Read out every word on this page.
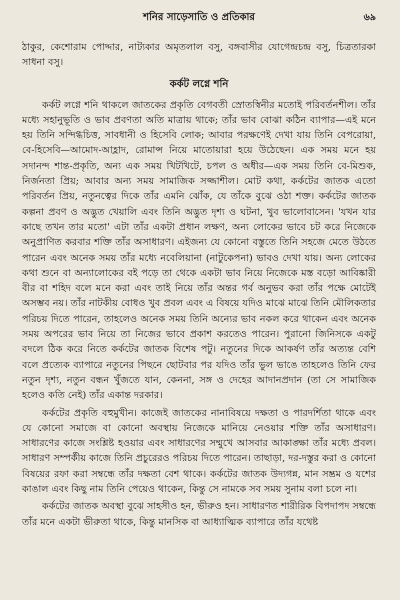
শনির সাড়েসাতি ও প্রতিকার	৬৯

ঠাকুর, কেশোরাম পোদ্দার, নাট্যকার অমৃতলাল বসু, বঙ্গবাসীর যোগেন্দ্রচন্দ্র বসু, চিত্রতারকা সাধনা বসু।

কর্কট লগ্নে শনি

কর্কট লগ্নে শনি থাকলে জাতকের প্রকৃতি বেগবতী স্রোতস্বিনীর মতোই পরিবর্তনশীল। তাঁর মধ্যে সহানুভূতি ও ভাব প্রবণতা অতি মাত্রায় থাকে; তাঁর ভাব বোঝা কঠিন ব্যাপার—এই মনে হয় তিনি সন্দিগ্ধচিত্ত, সাবধানী ও হিসেবি লোক; আবার পরক্ষণেই দেখা যায় তিনি বেপরোয়া, বে-হিসেবি—আমোদ-আহ্লাদ, রোমান্স নিয়ে মাতোয়ারা হয়ে উঠেছেন। এক সময় মনে হয় সদানন্দ শান্ত-প্রকৃতি, অন্য এক সময় খিটখিটে, চপল ও অধীর—এক সময় তিনি বে-মিশুক, নির্জনতা প্রিয়; আবার অন্য সময় সামাজিক সজ্জাশীল। মোট কথা, কর্কটের জাতক এতো পরিবর্তন প্রিয়, নতুনত্বের দিকে তাঁর এমনি ঝোঁক, যে তাঁকে বুঝে ওঠা শক্ত। কর্কটের জাতক কল্পনা প্রবণ ও অদ্ভুত খেয়ালি এবং তিনি অদ্ভুত দৃশ্য ও ঘটনা, খুব ভালোবাসেন। 'যখন যার কাছে তখন তার মতো' এটা তাঁর একটা প্রধান লক্ষণ, অন্য লোকের ভাবে চট করে নিজেকে অনুপ্রাণিত করবার শক্তি তাঁর অসাধারণ। এইজন্য যে কোনো বস্তুতে তিনি সহজে মেতে উঠতে পারেন এবং অনেক সময় তাঁর মধ্যে নবেলিয়ানা (নাটুকেপনা) ভাবও দেখা যায়। অন্য লোকের কথা শুনে বা অন্যালোকের বই পড়ে তা থেকে একটা ভাব নিয়ে নিজেকে মস্ত বড়ো আবিষ্কারী বীর বা শহিদ বলে মনে করা এবং তাই নিয়ে তাঁর অন্তর গর্ব অনুভব করা তাঁর পক্ষে মোটেই অসম্ভব নয়। তাঁর নাটকীয় বোধও খুব প্রবল এবং এ বিষয়ে যদিও মাঝে মাঝে তিনি মৌলিকতার পরিচয় দিতে পারেন, তাহলেও অনেক সময় তিনি অন্যের ভাব নকল করে থাকেন এবং অনেক সময় অপরের ভাব নিয়ে তা নিজের ভাবে প্রকাশ করতেও পারেন। পুরানো জিনিসকে একটু বদলে ঠিক করে নিতে কর্কটের জাতক বিশেষ পটু। নতুনের দিকে আকর্ষণ তাঁর অত্যন্ত বেশি বলে প্রত্যেক ব্যাপারে নতুনের পিছনে ছোটবার পর যদিও তাঁর ভুল ভাঙে তাহলেও তিনি ফের নতুন দৃশ্য, নতুন বন্ধন খুঁজতে যান, কেননা, সঙ্গ ও দেহের আদানপ্রদান (তা সে সামাজিক হলেও কতি নেই) তাঁর একান্ত দরকার।

কর্কটের প্রকৃতি বহুমুখীন। কাজেই জাতকের নানাবিষয়ে দক্ষতা ও পারদর্শিতা থাকে এবং যে কোনো সমাজে বা কোনো অবস্থায় নিজেকে মানিয়ে নেওয়ার শক্তি তাঁর অসাধারণ। সাধারণের কাজে সংশ্লিষ্ট হওয়ার এবং সাধারণের সম্মুখে আসবার আকাঙ্ক্ষা তাঁর মধ্যে প্রবল। সাধারণ সম্পর্কীয় কাজে তিনি প্রচুরেরও পরিচয় দিতে পারেন। তাছাড়া, দর-দস্তুর করা ও কোনো বিষয়ের রফা করা সম্বন্ধে তাঁর দক্ষতা বেশ থাকে। কর্কটের জাতক উদ্যগন্ন, মান সম্ভ্রম ও যশের কাঙাল এবং কিছু নাম তিনি পেয়েও থাকেন, কিন্তু সে নামকে সব সময় সুনাম বলা চলে না।

কর্কটের জাতক অবস্থা বুঝে সাহসীও হন, ভীরুও হন। সাধারণত শারীরিক বিপদাপদ সম্বন্ধে তাঁর মনে একটা ভীরুতা থাকে, কিন্তু মানসিক বা আধ্যাত্মিক ব্যাপারে তাঁর যথেষ্ট
